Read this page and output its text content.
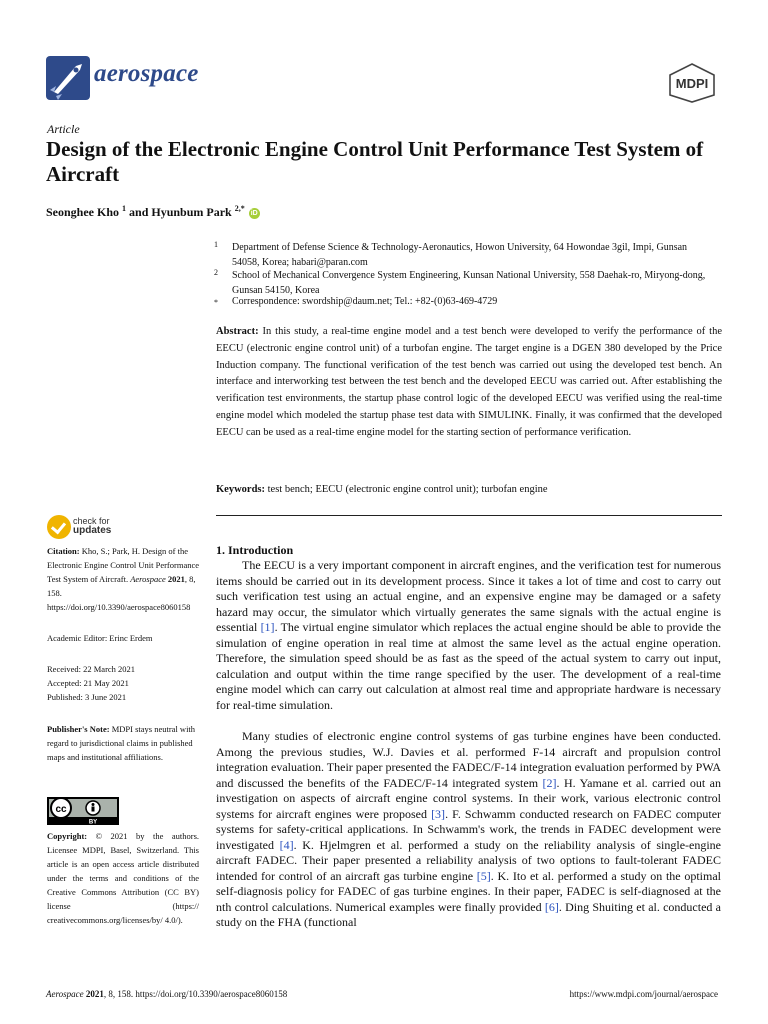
aerospace	MDPI
Article
Design of the Electronic Engine Control Unit Performance Test System of Aircraft
Seonghee Kho $^1$ and Hyunbum Park $^{2,*}$ iD
1 Department of Defense Science & Technology-Aeronautics, Howon University, 64 Howondae 3gil, Impi, Gunsan 54058, Korea; habari@paran.com
2 School of Mechanical Convergence System Engineering, Kunsan National University, 558 Daehak-ro, Miryong-dong, Gunsan 54150, Korea
* Correspondence: swordship@daum.net; Tel.: +82-(0)63-469-4729
Abstract: In this study, a real-time engine model and a test bench were developed to verify the performance of the EECU (electronic engine control unit) of a turbofan engine. The target engine is a DGEN 380 developed by the Price Induction company. The functional verification of the test bench was carried out using the developed test bench. An interface and interworking test between the test bench and the developed EECU was carried out. After establishing the verification test environments, the startup phase control logic of the developed EECU was verified using the real-time engine model which modeled the startup phase test data with SIMULINK. Finally, it was confirmed that the developed EECU can be used as a real-time engine model for the starting section of performance verification.
Keywords: test bench; EECU (electronic engine control unit); turbofan engine
check for
updates
Citation: Kho, S.; Park, H. Design of the Electronic Engine Control Unit Performance Test System of Aircraft. Aerospace 2021, 8, 158. https://doi.org/10.3390/aerospace8060158
Academic Editor: Erinc Erdem
Received: 22 March 2021
Accepted: 21 May 2021
Published: 3 June 2021
Publisher's Note: MDPI stays neutral with regard to jurisdictional claims in published maps and institutional affiliations.
cc
BY
Copyright: © 2021 by the authors. Licensee MDPI, Basel, Switzerland. This article is an open access article distributed under the terms and conditions of the Creative Commons Attribution (CC BY) license (https:// creativecommons.org/licenses/by/ 4.0/).
1. Introduction
The EECU is a very important component in aircraft engines, and the verification test for numerous items should be carried out in its development process. Since it takes a lot of time and cost to carry out such verification test using an actual engine, and an expensive engine may be damaged or a safety hazard may occur, the simulator which virtually generates the same signals with the actual engine is essential [1]. The virtual engine simulator which replaces the actual engine should be able to provide the simulation of engine operation in real time at almost the same level as the actual engine operation. Therefore, the simulation speed should be as fast as the speed of the actual system to carry out input, calculation and output within the time range specified by the user. The development of a real-time engine model which can carry out calculation at almost real time and appropriate hardware is necessary for real-time simulation.
Many studies of electronic engine control systems of gas turbine engines have been conducted. Among the previous studies, W.J. Davies et al. performed F-14 aircraft and propulsion control integration evaluation. Their paper presented the FADEC/F-14 integration evaluation performed by PWA and discussed the benefits of the FADEC/F-14 integrated system [2]. H. Yamane et al. carried out an investigation on aspects of aircraft engine control systems. In their work, various electronic control systems for aircraft engines were proposed [3]. F. Schwamm conducted research on FADEC computer systems for safety-critical applications. In Schwamm's work, the trends in FADEC development were investigated [4]. K. Hjelmgren et al. performed a study on the reliability analysis of single-engine aircraft FADEC. Their paper presented a reliability analysis of two options to fault-tolerant FADEC intended for control of an aircraft gas turbine engine [5]. K. Ito et al. performed a study on the optimal self-diagnosis policy for FADEC of gas turbine engines. In their paper, FADEC is self-diagnosed at the nth control calculations. Numerical examples were finally provided [6]. Ding Shuiting et al. conducted a study on the FHA (functional
Aerospace 2021, 8, 158. https://doi.org/10.3390/aerospace8060158	https://www.mdpi.com/journal/aerospace
